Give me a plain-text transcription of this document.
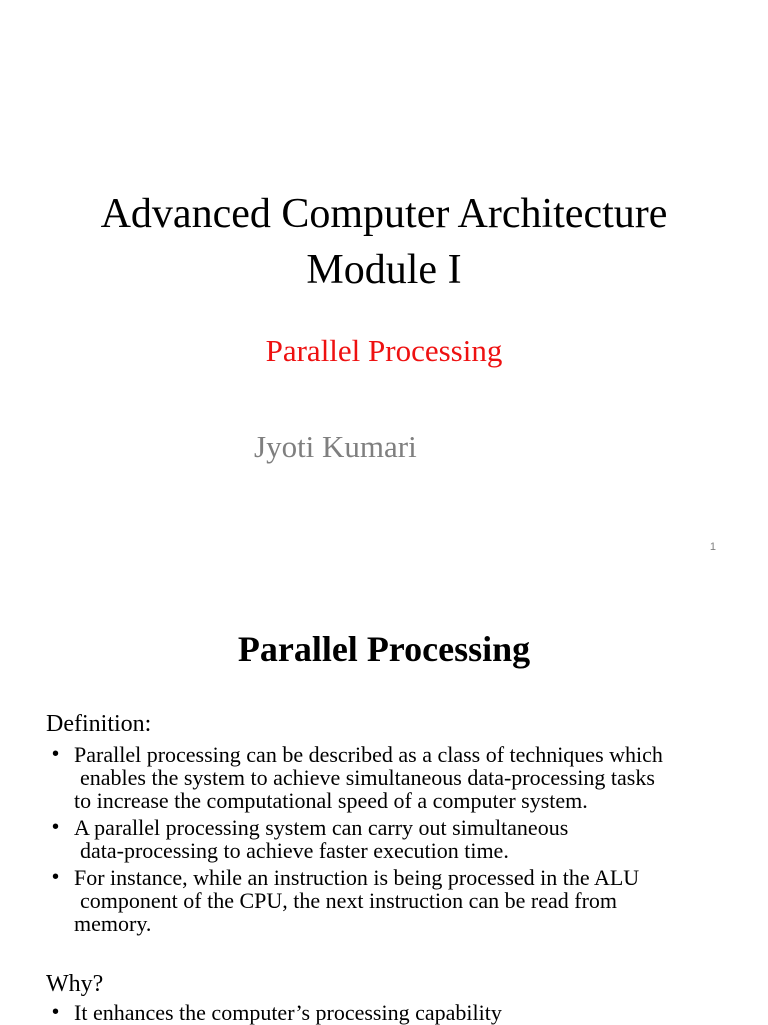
Advanced Computer Architecture
Module I
Parallel Processing
Jyoti Kumari
1
Parallel Processing
Definition:
• Parallel processing can be described as a class of techniques which
enables the system to achieve simultaneous data-processing tasks
to increase the computational speed of a computer system.
• A parallel processing system can carry out simultaneous
data-processing to achieve faster execution time.
• For instance, while an instruction is being processed in the ALU
component of the CPU, the next instruction can be read from
memory.
Why?
• It enhances the computer’s processing capability
